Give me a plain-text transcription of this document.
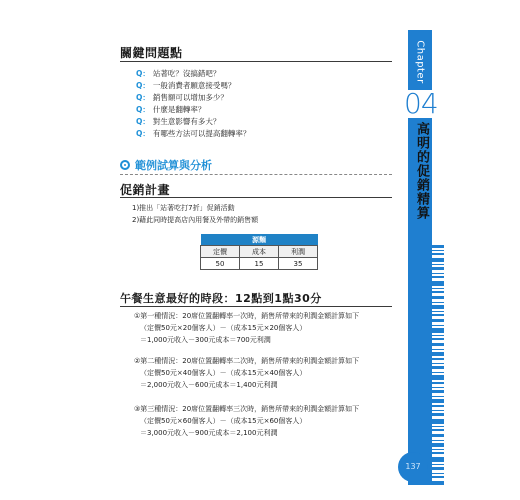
關鍵問題點
Q： 站著吃？沒搞錯吧？
Q： 一般消費者願意接受嗎？
Q： 銷售額可以增加多少？
Q： 什麼是翻轉率？
Q： 對生意影響有多大？
Q： 有哪些方法可以提高翻轉率？
範例試算與分析
促銷計畫
1)推出「站著吃打7折」促銷活動
2)藉此同時提高店內用餐及外帶的銷售額
源麵		
定價	成本	利潤
50	15	35
午餐生意最好的時段：12點到1點30分
①第一種情況：20席位置翻轉率一次時，銷售所帶來的利潤金額計算如下
（定價50元×20個客人）－（成本15元×20個客人）
＝1,000元收入－300元成本＝700元利潤
②第二種情況：20席位置翻轉率二次時，銷售所帶來的利潤金額計算如下
（定價50元×40個客人）－（成本15元×40個客人）
＝2,000元收入－600元成本＝1,400元利潤
③第三種情況：20席位置翻轉率三次時，銷售所帶來的利潤金額計算如下
（定價50元×60個客人）－（成本15元×60個客人）
＝3,000元收入－900元成本＝2,100元利潤
Chapter
04
高明的促銷精算
137
